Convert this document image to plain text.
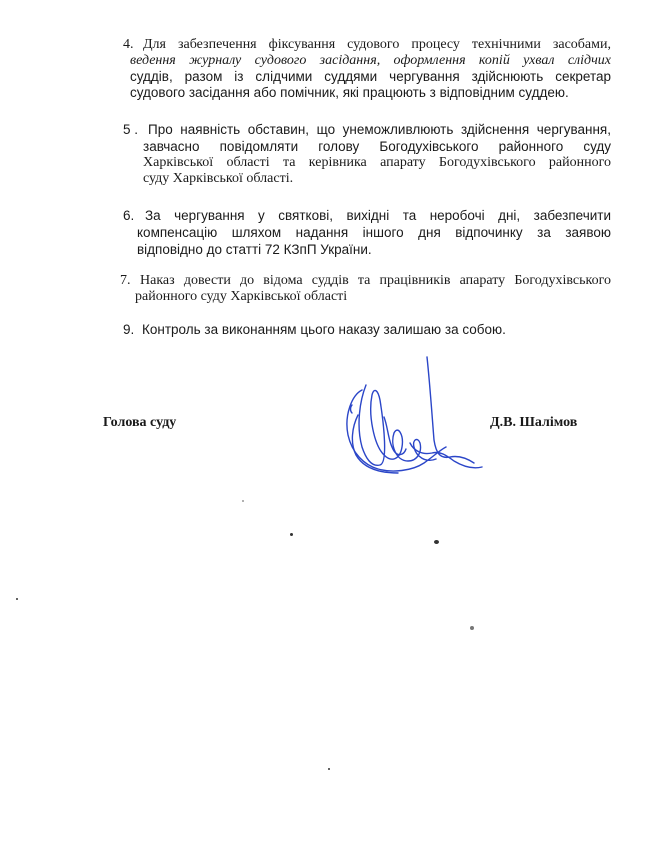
4. Для забезпечення фіксування судового процесу технічними засобами,
ведення журналу судового засідання, оформлення копій ухвал слідчих
суддів, разом із слідчими суддями чергування здійснюють секретар
судового засідання або помічник, які працюють з відповідним суддею.
5 . Про наявність обставин, що унеможливлюють здійснення чергування,
зaвчасно повідомляти голову Богодухівського районного суду
Харківської області та керівника апарату Богодухівського районного
суду Харківської області.
6. За чергування у святкові, вихідні та неробочі дні, забезпечити
компенсацію шляхом надання іншого дня відпочинку за заявою
відповідно до статті 72 КЗпП України.
7. Наказ довести до відома суддів та працівників апарату Богодухівського
районного суду Харківської області
9. Контроль за виконанням цього наказу залишаю за собою.
Голова суду	Д.В. Шалімов
